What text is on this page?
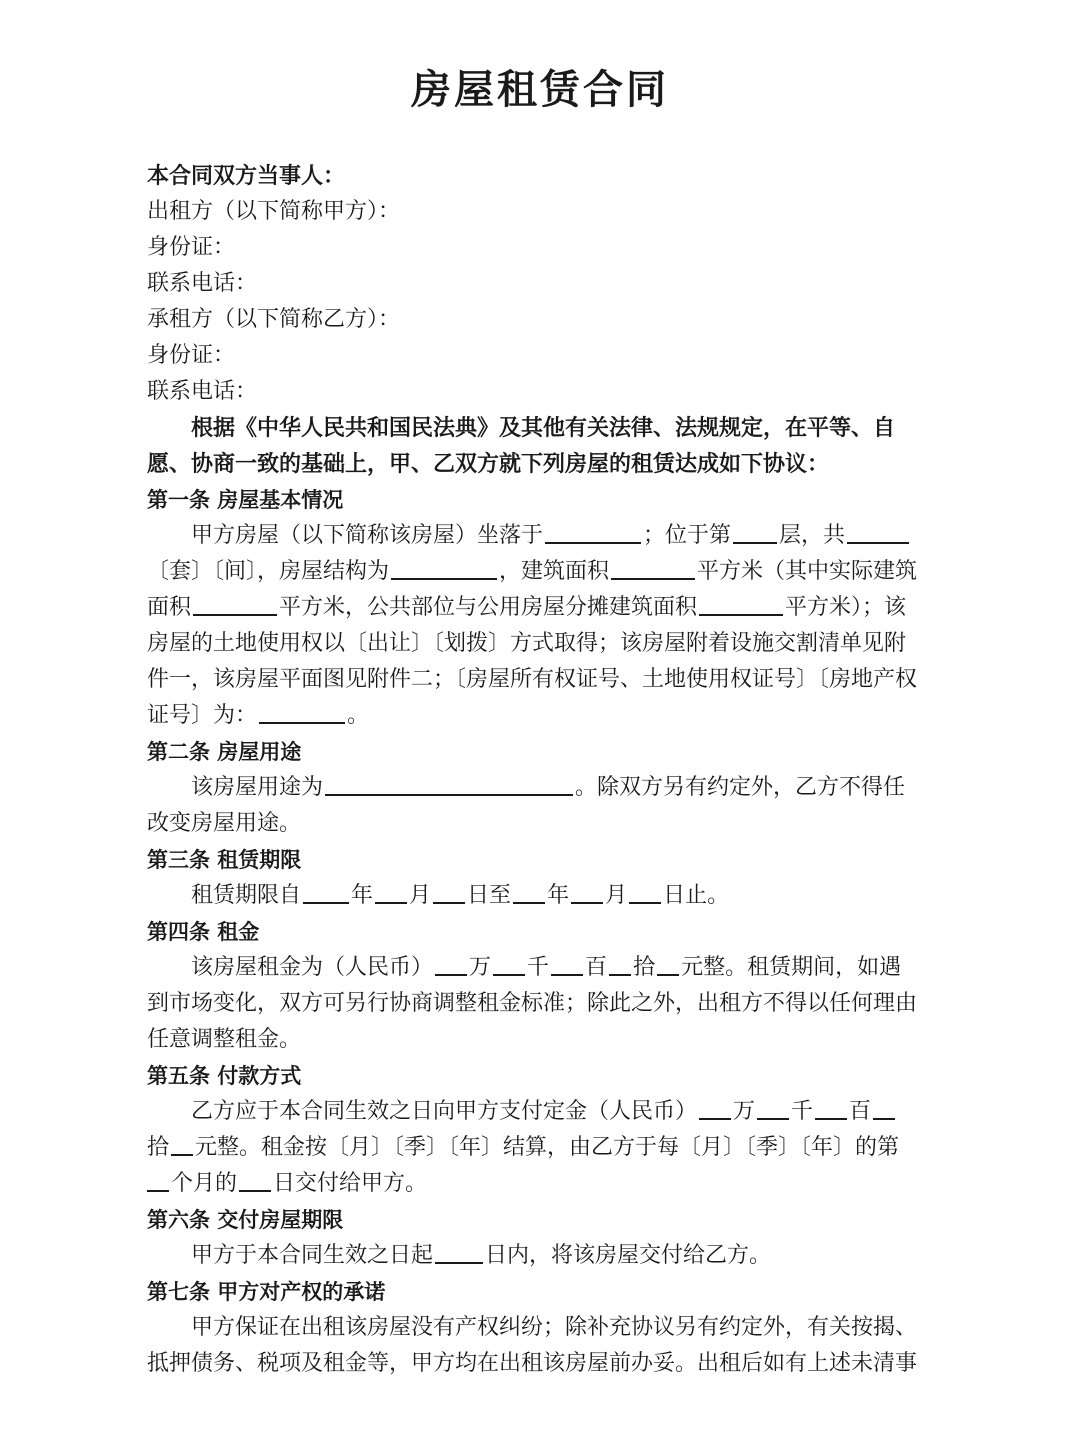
房屋租赁合同
本合同双方当事人：
出租方（以下简称甲方）：
身份证：
联系电话：
承租方（以下简称乙方）：
身份证：
联系电话：
根据《中华人民共和国民法典》及其他有关法律、法规规定，在平等、自
愿、协商一致的基础上，甲、乙双方就下列房屋的租赁达成如下协议：
第一条 房屋基本情况
甲方房屋（以下简称该房屋）坐落于	；位于第 层，共
〔套〕〔间〕，房屋结构为	，建筑面积	平方米（其中实际建筑
面积	平方米，公共部位与公用房屋分摊建筑面积	平方米）；该
房屋的土地使用权以〔出让〕〔划拨〕方式取得；该房屋附着设施交割清单见附
件一，该房屋平面图见附件二；〔房屋所有权证号、土地使用权证号〕〔房地产权
证号〕为：	。
第二条 房屋用途
该房屋用途为	。除双方另有约定外，乙方不得任
改变房屋用途。
第三条 租赁期限
租赁期限自 年 月 日至 年 月 日止。
第四条 租金
该房屋租金为（人民币） 万 千 百 拾 元整。租赁期间，如遇
到市场变化，双方可另行协商调整租金标准；除此之外，出租方不得以任何理由
任意调整租金。
第五条 付款方式
乙方应于本合同生效之日向甲方支付定金（人民币） 万 千 百
拾 元整。租金按〔月〕〔季〕〔年〕结算，由乙方于每〔月〕〔季〕〔年〕的第
个月的 日交付给甲方。
第六条 交付房屋期限
甲方于本合同生效之日起 日内，将该房屋交付给乙方。
第七条 甲方对产权的承诺
甲方保证在出租该房屋没有产权纠纷；除补充协议另有约定外，有关按揭、
抵押债务、税项及租金等，甲方均在出租该房屋前办妥。出租后如有上述未清事
